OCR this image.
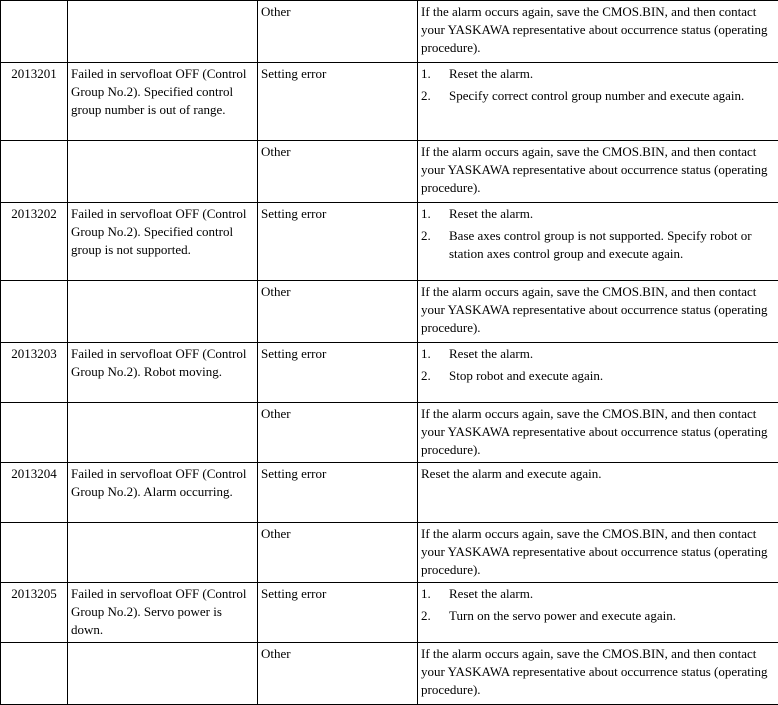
		Other	If the alarm occurs again, save the CMOS.BIN, and then contact your YASKAWA representative about occurrence status (operating procedure).
2013201	Failed in servofloat OFF (Control Group No.2). Specified control group number is out of range.	Setting error	1. Reset the alarm.
2. Specify correct control group number and execute again.

		Other	If the alarm occurs again, save the CMOS.BIN, and then contact your YASKAWA representative about occurrence status (operating procedure).
2013202	Failed in servofloat OFF (Control Group No.2). Specified control group is not supported.	Setting error	1. Reset the alarm.
2. Base axes control group is not supported. Specify robot or station axes control group and execute again.

		Other	If the alarm occurs again, save the CMOS.BIN, and then contact your YASKAWA representative about occurrence status (operating procedure).
2013203	Failed in servofloat OFF (Control Group No.2). Robot moving.	Setting error	1. Reset the alarm.
2. Stop robot and execute again.

		Other	If the alarm occurs again, save the CMOS.BIN, and then contact your YASKAWA representative about occurrence status (operating procedure).
2013204	Failed in servofloat OFF (Control Group No.2). Alarm occurring.	Setting error	Reset the alarm and execute again.
		Other	If the alarm occurs again, save the CMOS.BIN, and then contact your YASKAWA representative about occurrence status (operating procedure).
2013205	Failed in servofloat OFF (Control Group No.2). Servo power is down.	Setting error	1. Reset the alarm.
2. Turn on the servo power and execute again.

		Other	If the alarm occurs again, save the CMOS.BIN, and then contact your YASKAWA representative about occurrence status (operating procedure).
